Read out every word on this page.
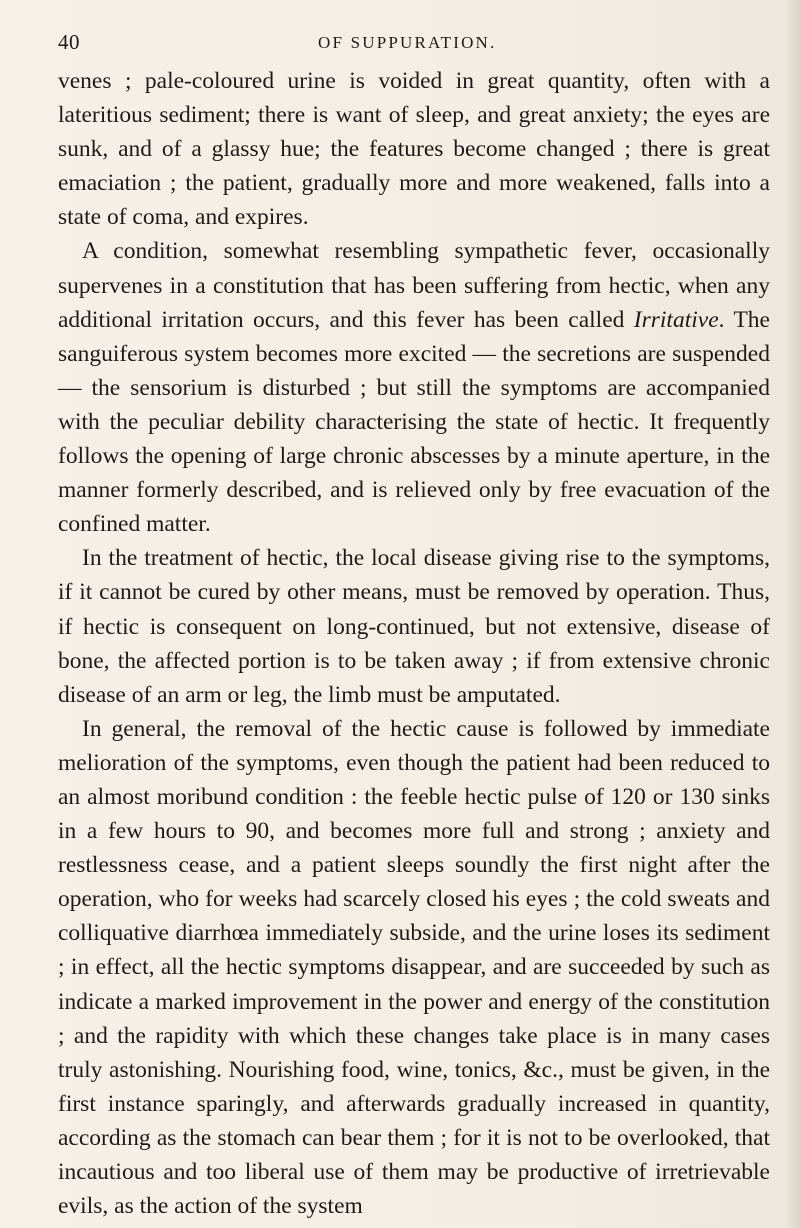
40	OF SUPPURATION.

venes ; pale-coloured urine is voided in great quantity, often with a lateritious sediment; there is want of sleep, and great anxiety; the eyes are sunk, and of a glassy hue; the features become changed ; there is great emaciation ; the patient, gradually more and more weakened, falls into a state of coma, and expires.

A condition, somewhat resembling sympathetic fever, occasionally supervenes in a constitution that has been suffering from hectic, when any additional irritation occurs, and this fever has been called Irritative. The sanguiferous system becomes more excited — the secretions are suspended — the sensorium is disturbed ; but still the symptoms are accompanied with the peculiar debility characterising the state of hectic. It frequently follows the opening of large chronic abscesses by a minute aperture, in the manner formerly described, and is relieved only by free evacuation of the confined matter.

In the treatment of hectic, the local disease giving rise to the symptoms, if it cannot be cured by other means, must be removed by operation. Thus, if hectic is consequent on long-continued, but not extensive, disease of bone, the affected portion is to be taken away ; if from extensive chronic disease of an arm or leg, the limb must be amputated.

In general, the removal of the hectic cause is followed by immediate melioration of the symptoms, even though the patient had been reduced to an almost moribund condition : the feeble hectic pulse of 120 or 130 sinks in a few hours to 90, and becomes more full and strong ; anxiety and restlessness cease, and a patient sleeps soundly the first night after the operation, who for weeks had scarcely closed his eyes ; the cold sweats and colliquative diarrhœa immediately subside, and the urine loses its sediment ; in effect, all the hectic symptoms disappear, and are succeeded by such as indicate a marked improvement in the power and energy of the constitution ; and the rapidity with which these changes take place is in many cases truly astonishing. Nourishing food, wine, tonics, &c., must be given, in the first instance sparingly, and afterwards gradually increased in quantity, according as the stomach can bear them ; for it is not to be overlooked, that incautious and too liberal use of them may be productive of irretrievable evils, as the action of the system
